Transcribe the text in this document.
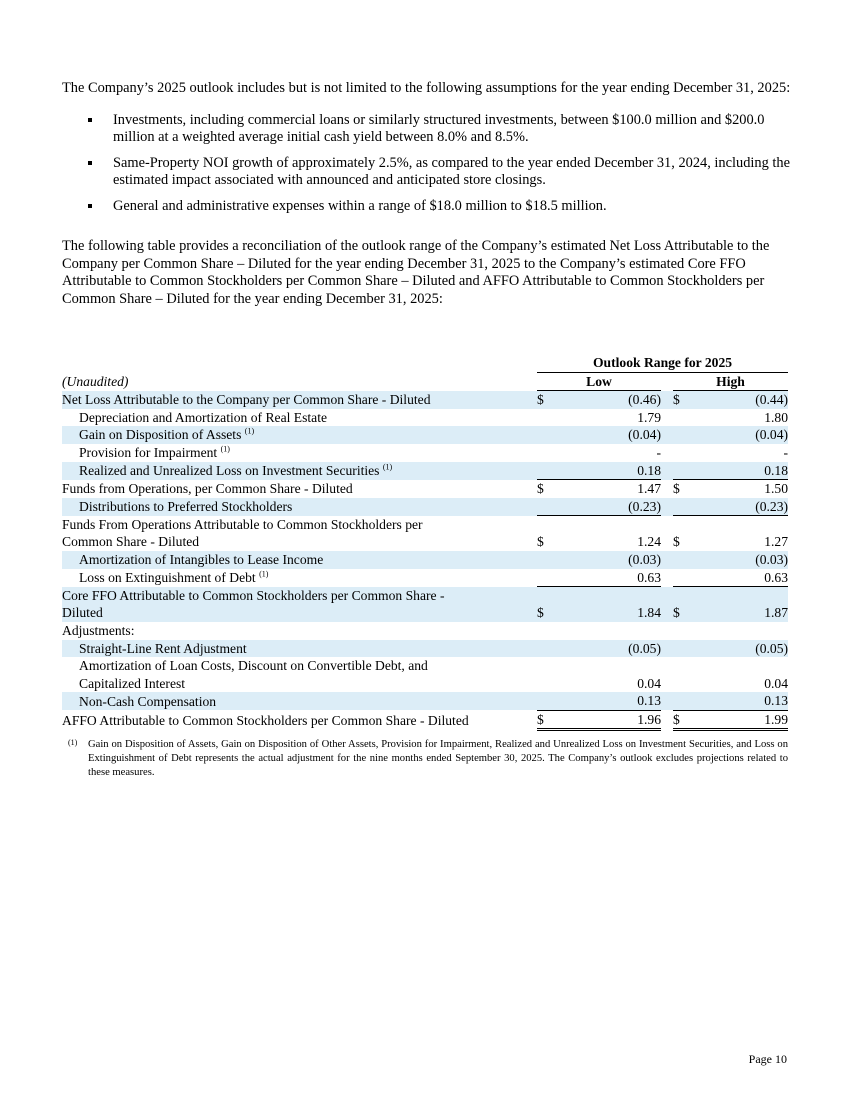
The Company’s 2025 outlook includes but is not limited to the following assumptions for the year ending December 31, 2025:

Investments, including commercial loans or similarly structured investments, between $100.0 million and $200.0 million at a weighted average initial cash yield between 8.0% and 8.5%.
Same-Property NOI growth of approximately 2.5%, as compared to the year ended December 31, 2024, including the estimated impact associated with announced and anticipated store closings.
General and administrative expenses within a range of $18.0 million to $18.5 million.

The following table provides a reconciliation of the outlook range of the Company’s estimated Net Loss Attributable to the Company per Common Share – Diluted for the year ending December 31, 2025 to the Company’s estimated Core FFO Attributable to Common Stockholders per Common Share – Diluted and AFFO Attributable to Common Stockholders per Common Share – Diluted for the year ending December 31, 2025:

	Outlook Range for 2025				
(Unaudited)	Low			High	
Net Loss Attributable to the Company per Common Share - Diluted	$	(0.46)		$	(0.44)
Depreciation and Amortization of Real Estate		1.79			1.80
Gain on Disposition of Assets $^{(1)}$		(0.04)			(0.04)
Provision for Impairment $^{(1)}$		-			-
Realized and Unrealized Loss on Investment Securities $^{(1)}$		0.18			0.18
Funds from Operations, per Common Share - Diluted	$	1.47		$	1.50
Distributions to Preferred Stockholders		(0.23)			(0.23)
Funds From Operations Attributable to Common Stockholders per
Common Share - Diluted	$	1.24		$	1.27
Amortization of Intangibles to Lease Income		(0.03)			(0.03)
Loss on Extinguishment of Debt $^{(1)}$		0.63			0.63
Core FFO Attributable to Common Stockholders per Common Share -
Diluted	$	1.84		$	1.87
Adjustments:					
Straight-Line Rent Adjustment		(0.05)			(0.05)
Amortization of Loan Costs, Discount on Convertible Debt, and
Capitalized Interest		0.04			0.04
Non-Cash Compensation		0.13			0.13
AFFO Attributable to Common Stockholders per Common Share - Diluted	$	1.96		$	1.99
(1)	Gain on Disposition of Assets, Gain on Disposition of Other Assets, Provision for Impairment, Realized and Unrealized Loss on Investment Securities, and Loss on Extinguishment of Debt represents the actual adjustment for the nine months ended September 30, 2025. The Company’s outlook excludes projections related to these measures.
Page 10
